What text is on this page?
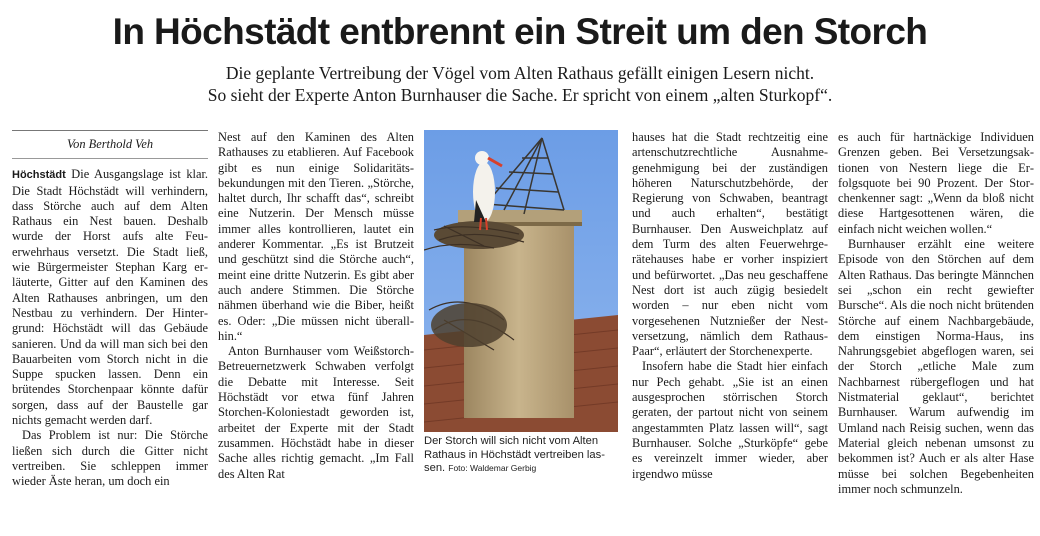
In Höchstädt entbrennt ein Streit um den Storch
Die geplante Vertreibung der Vögel vom Alten Rathaus gefällt einigen Lesern nicht.
So sieht der Experte Anton Burnhauser die Sache. Er spricht von einem „alten Sturkopf“.

Von Berthold Veh

Höchstädt Die Ausgangslage ist klar. Die Stadt Höchstädt will verhindern, dass Störche auch auf dem Alten Rathaus ein Nest bauen. Deshalb wurde der Horst aufs alte Feuerwehrhaus versetzt. Die Stadt ließ, wie Bürgermeister Stephan Karg erläuterte, Gitter auf den Kaminen des Alten Rathauses anbringen, um den Nestbau zu verhindern. Der Hintergrund: Höchstädt will das Gebäude sanieren. Und da will man sich bei den Bauarbeiten vom Storch nicht in die Suppe spucken lassen. Denn ein brütendes Storchenpaar könnte dafür sorgen, dass auf der Baustelle gar nichts gemacht werden darf.

Das Problem ist nur: Die Störche ließen sich durch die Gitter nicht vertreiben. Sie schleppen immer wieder Äste heran, um doch ein

Nest auf den Kaminen des Alten Rathauses zu etablieren. Auf Facebook gibt es nun einige Solidaritätsbekundungen mit den Tieren. „Störche, haltet durch, Ihr schafft das“, schreibt eine Nutzerin. Der Mensch müsse immer alles kontrollieren, lautet ein anderer Kommentar. „Es ist Brutzeit und geschützt sind die Störche auch“, meint eine dritte Nutzerin. Es gibt aber auch andere Stimmen. Die Störche nähmen überhand wie die Biber, heißt es. Oder: „Die müssen nicht überallhin.“

Anton Burnhauser vom Weißstorch-Betreuernetzwerk Schwaben verfolgt die Debatte mit Interesse. Seit Höchstädt vor etwa fünf Jahren Storchen-Koloniestadt geworden ist, arbeitet der Experte mit der Stadt zusammen. Höchstädt habe in dieser Sache alles richtig gemacht. „Im Fall des Alten Rat

Der Storch will sich nicht vom Alten Rathaus in Höchstädt vertreiben lassen. Foto: Waldemar Gerbig

hauses hat die Stadt rechtzeitig eine artenschutzrechtliche Ausnahmegenehmigung bei der zuständigen höheren Naturschutzbehörde, der Regierung von Schwaben, beantragt und auch erhalten“, bestätigt Burnhauser. Den Ausweichplatz auf dem Turm des alten Feuerwehrgerätehauses habe er vorher inspiziert und befürwortet. „Das neu geschaffene Nest dort ist auch zügig besiedelt worden – nur eben nicht vom vorgesehenen Nutznießer der Nestversetzung, nämlich dem RathausPaar“, erläutert der Storchenexperte.

Insofern habe die Stadt hier einfach nur Pech gehabt. „Sie ist an einen ausgesprochen störrischen Storch geraten, der partout nicht von seinem angestammten Platz lassen will“, sagt Burnhauser. Solche „Sturköpfe“ gebe es vereinzelt immer wieder, aber irgendwo müsse

es auch für hartnäckige Individuen Grenzen geben. Bei Versetzungsaktionen von Nestern liege die Erfolgsquote bei 90 Prozent. Der Storchenkenner sagt: „Wenn da bloß nicht diese Hartgesottenen wären, die einfach nicht weichen wollen.“

Burnhauser erzählt eine weitere Episode von den Störchen auf dem Alten Rathaus. Das beringte Männchen sei „schon ein recht gewiefter Bursche“. Als die noch nicht brütenden Störche auf einem Nachbargebäude, dem einstigen Norma-Haus, ins Nahrungsgebiet abgeflogen waren, sei der Storch „etliche Male zum Nachbarnest rübergeflogen und hat Nistmaterial geklaut“, berichtet Burnhauser. Warum aufwendig im Umland nach Reisig suchen, wenn das Material gleich nebenan umsonst zu bekommen ist? Auch er als alter Hase müsse bei solchen Begebenheiten immer noch schmunzeln.
